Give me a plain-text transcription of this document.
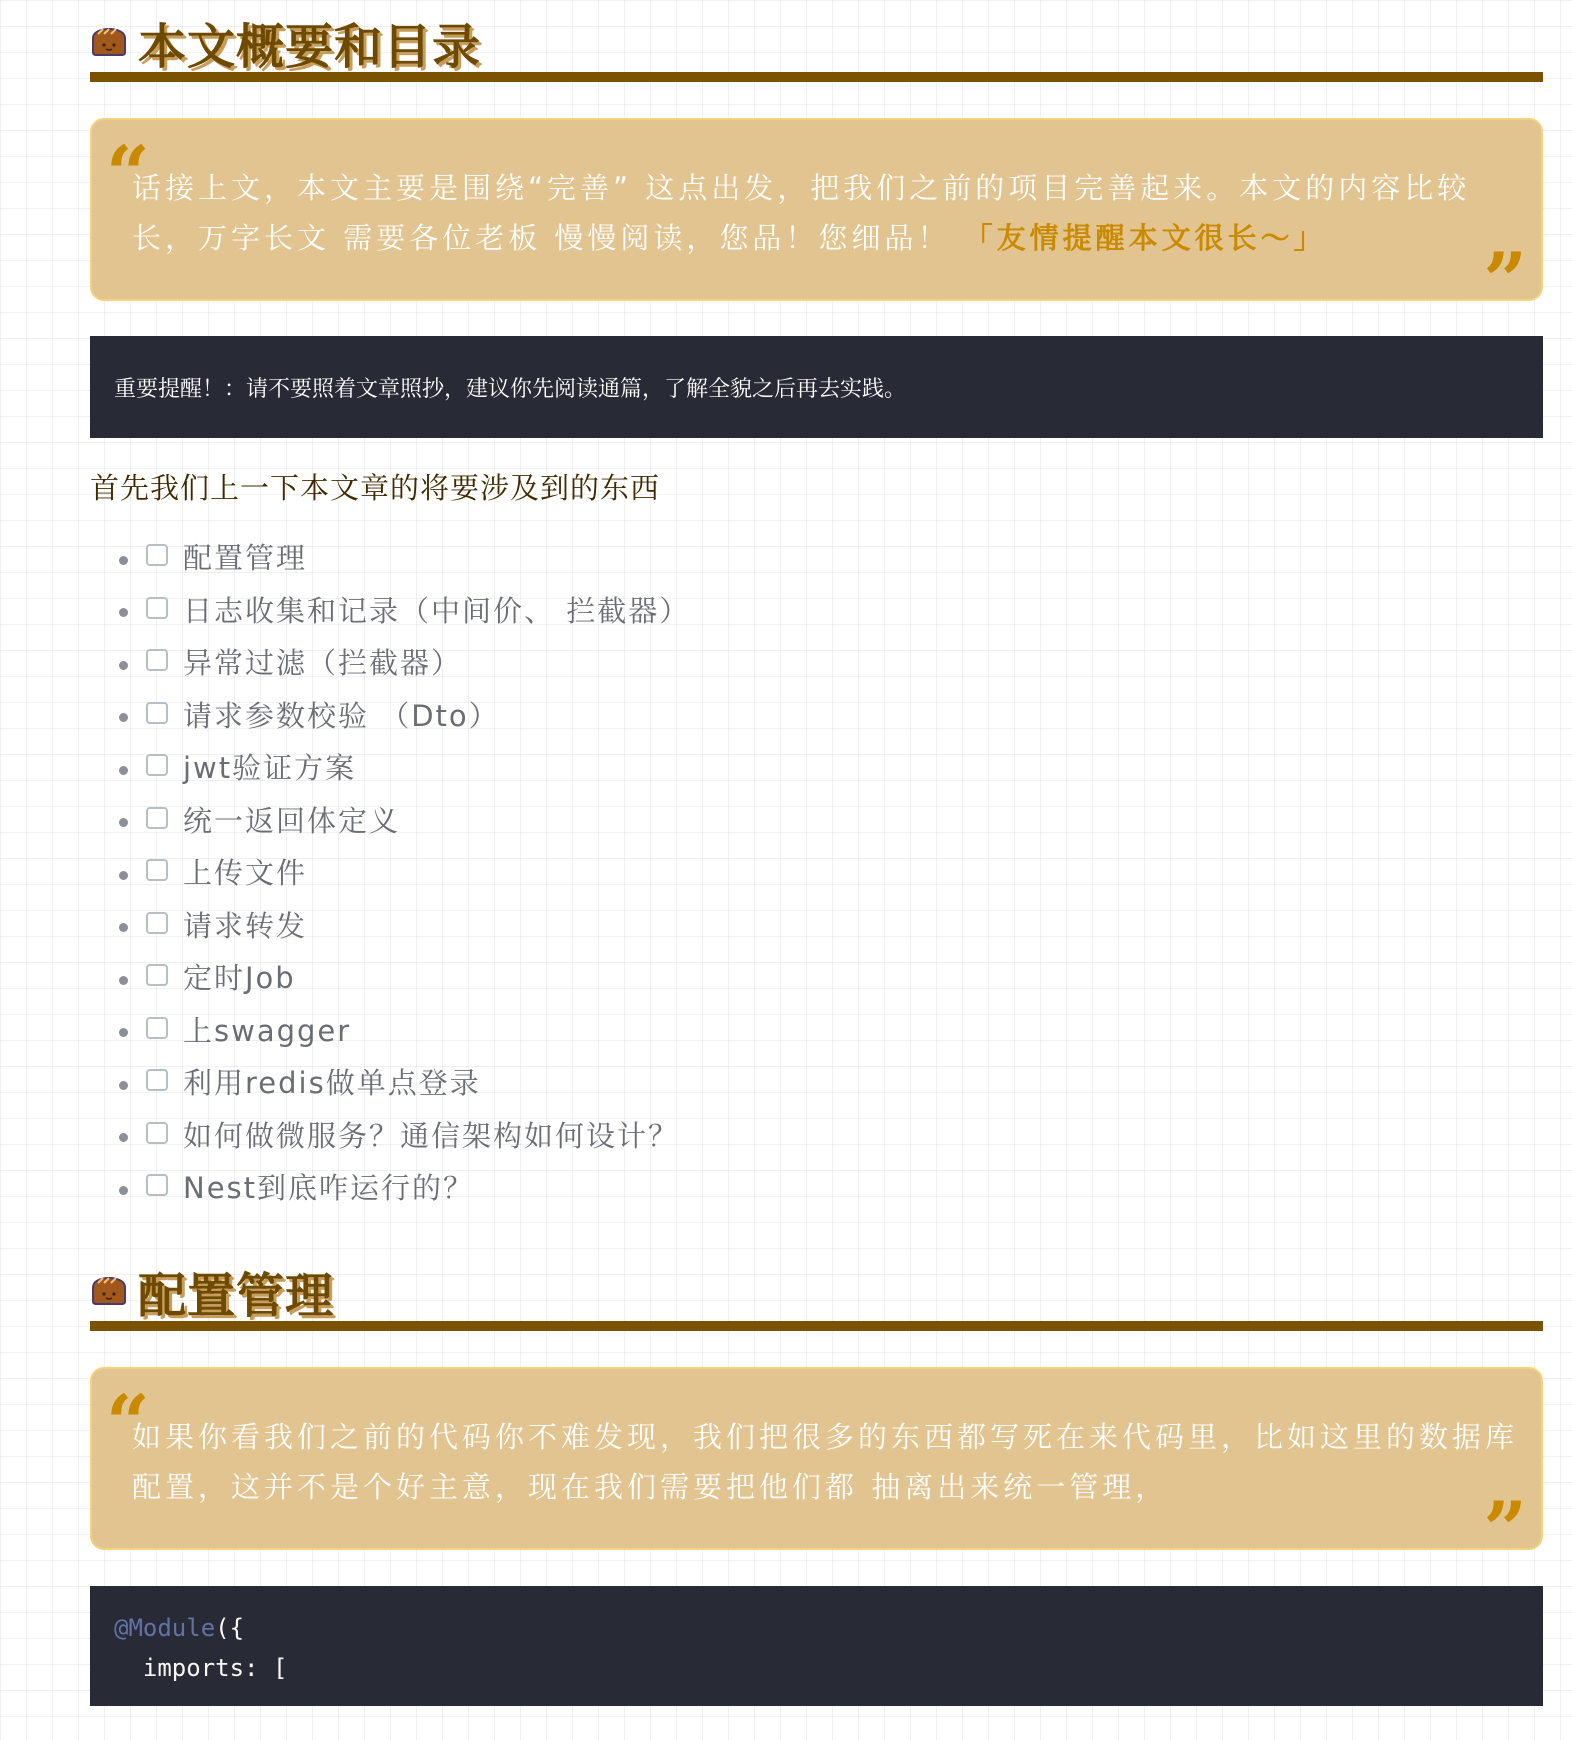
本文概要和目录
“
话接上文，本文主要是围绕“完善” 这点出发，把我们之前的项目完善起来。本文的内容比较长，万字长文 需要各位老板 慢慢阅读，您品！您细品！ 「友情提醒本文很长～」	”
重要提醒！：请不要照着文章照抄，建议你先阅读通篇，了解全貌之后再去实践。
首先我们上一下本文章的将要涉及到的东西
配置管理
日志收集和记录（中间价、 拦截器）
异常过滤（拦截器）
请求参数校验 （Dto）
jwt验证方案
统一返回体定义
上传文件
请求转发
定时Job
上swagger
利用redis做单点登录
如何做微服务？通信架构如何设计？
Nest到底咋运行的？
配置管理
“
如果你看我们之前的代码你不难发现，我们把很多的东西都写死在来代码里，比如这里的数据库配置，这并不是个好主意，现在我们需要把他们都 抽离出来统一管理，	”
@Module({
imports: [
